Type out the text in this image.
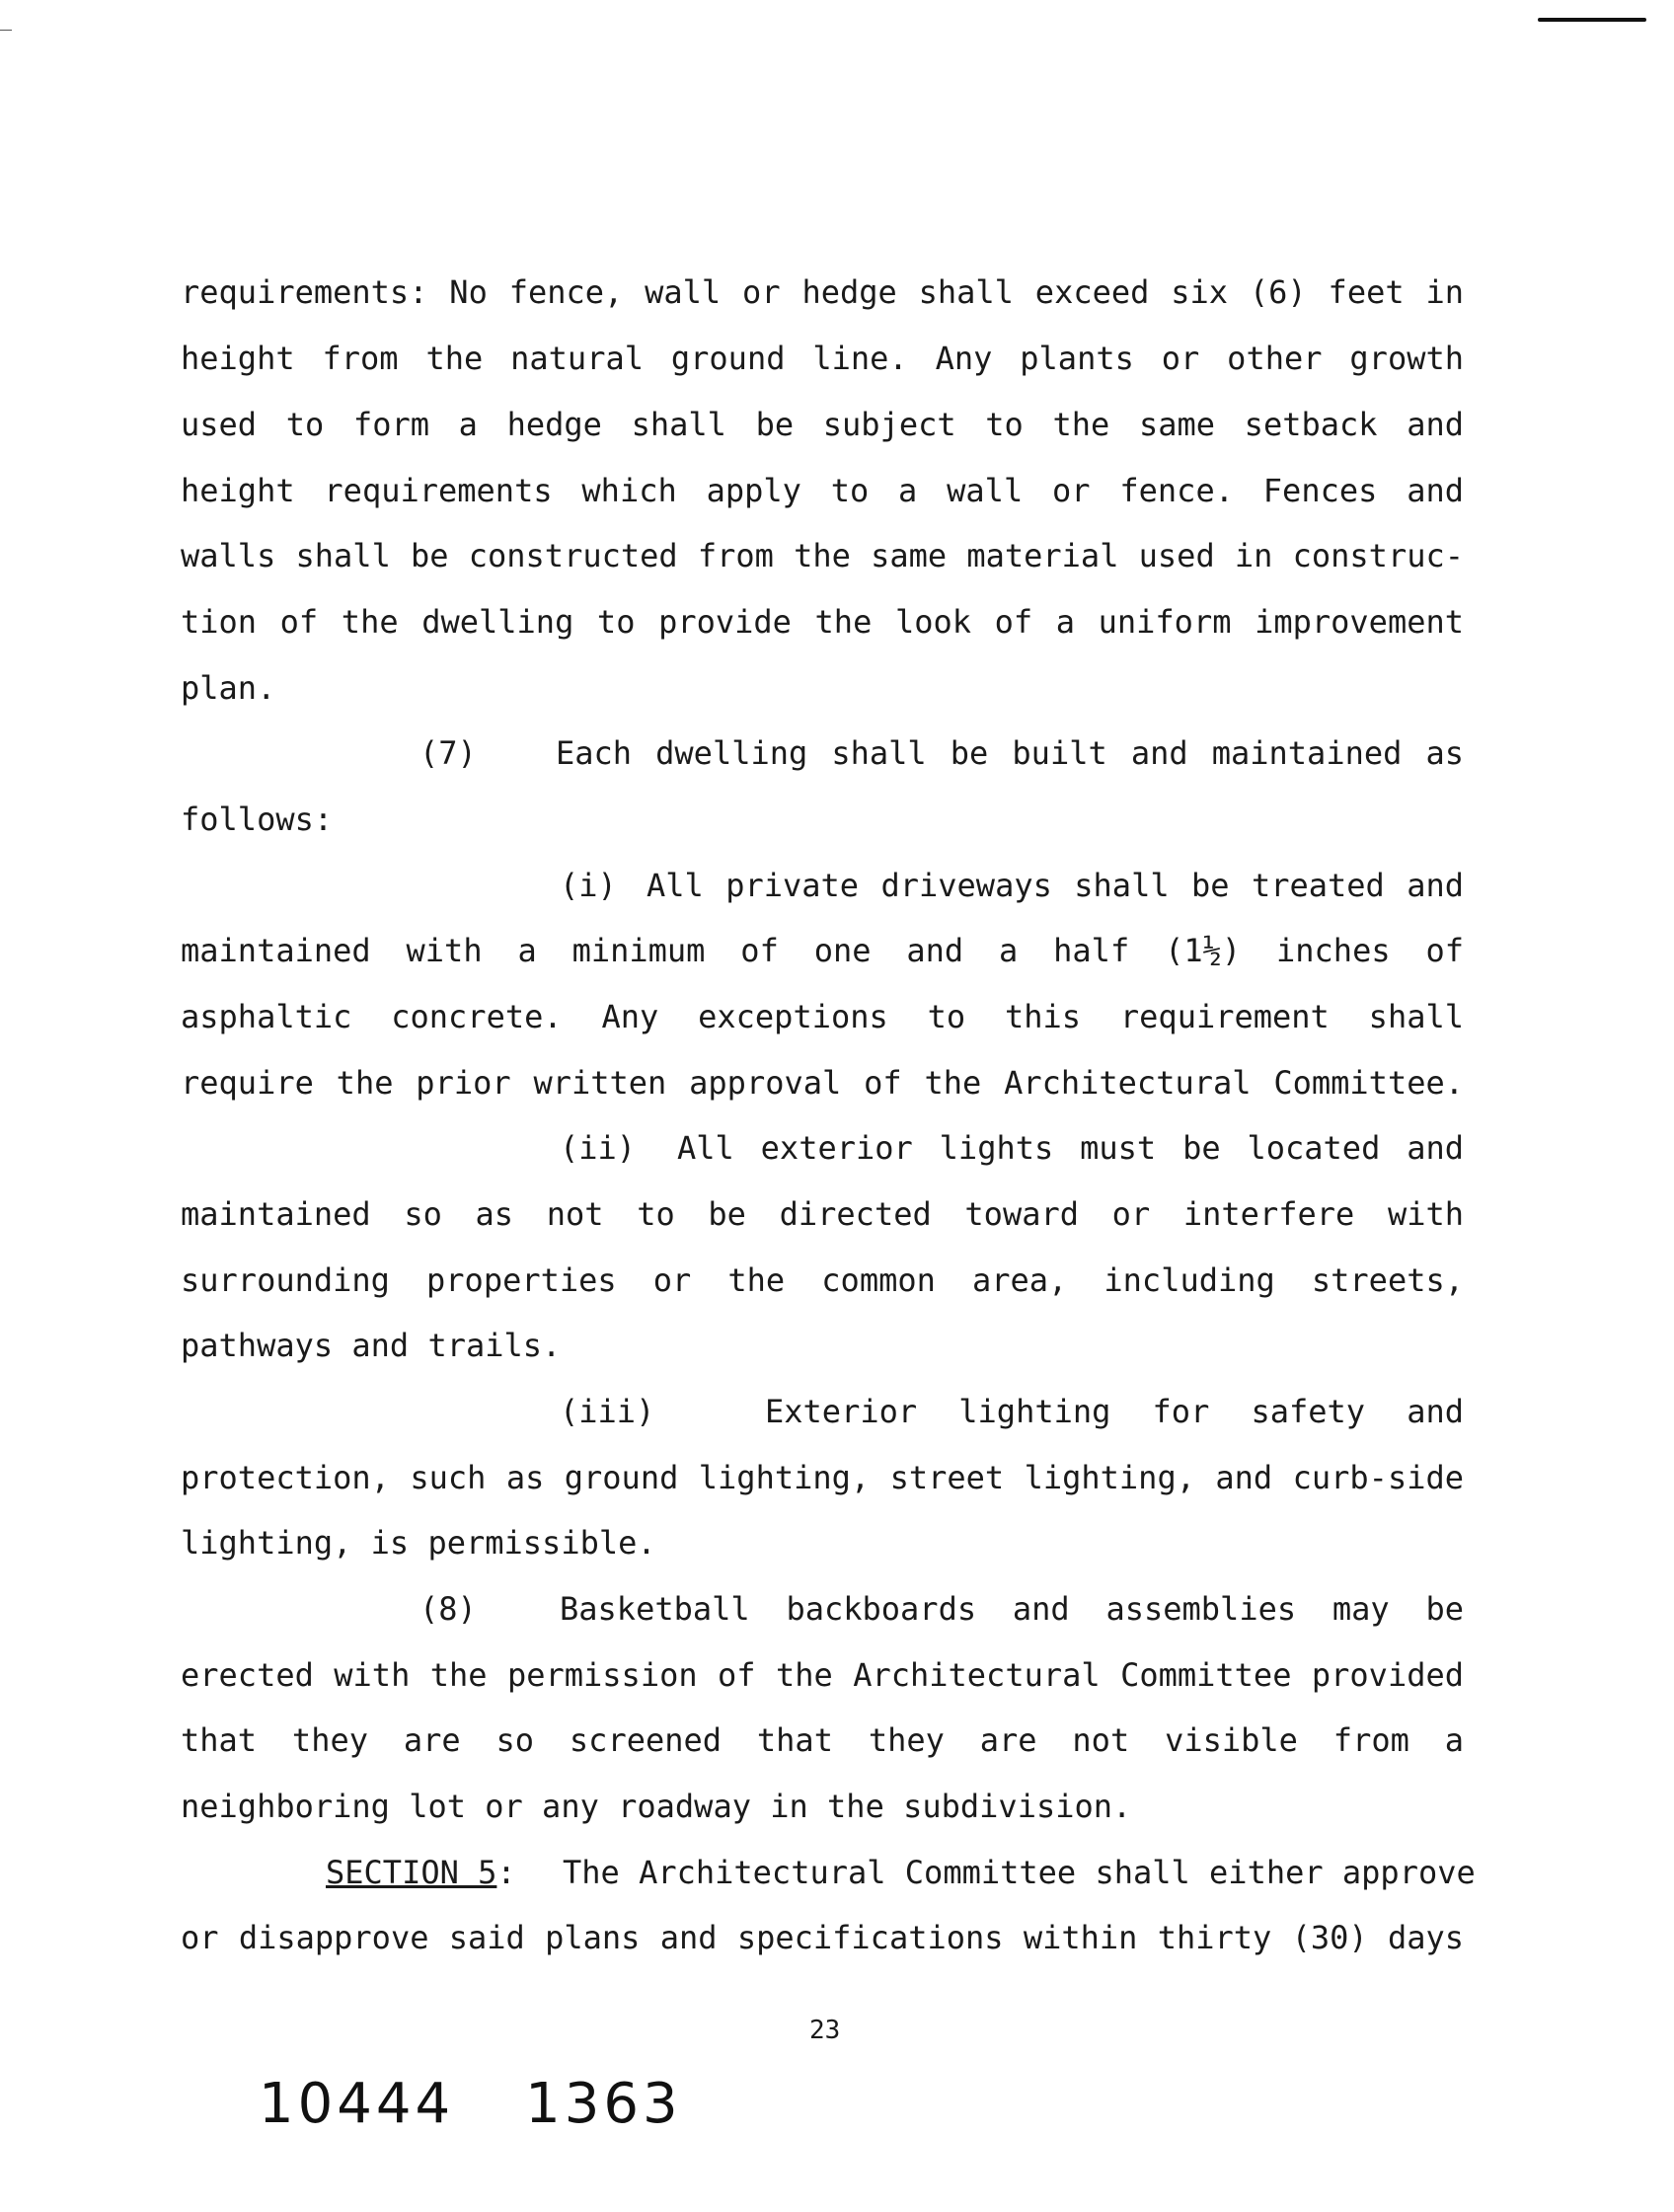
requirements: No fence, wall or hedge shall exceed six (6) feet in
height from the natural ground line. Any plants or other growth
used to form a hedge shall be subject to the same setback and
height requirements which apply to a wall or fence. Fences and
walls shall be constructed from the same material used in construc-
tion of the dwelling to provide the look of a uniform improvement
plan.
(7)	Each dwelling shall be built and maintained as
follows:
(i) All private driveways shall be treated and
maintained with a minimum of one and a half (1½) inches of
asphaltic concrete. Any exceptions to this requirement shall
require the prior written approval of the Architectural Committee.
(ii) All exterior lights must be located and
maintained so as not to be directed toward or interfere with
surrounding properties or the common area, including streets,
pathways and trails.
(iii)	Exterior lighting for safety and
protection, such as ground lighting, street lighting, and curb-side
lighting, is permissible.
(8)	Basketball backboards and assemblies may be
erected with the permission of the Architectural Committee provided
that they are so screened that they are not visible from a
neighboring lot or any roadway in the subdivision.
SECTION 5: The Architectural Committee shall either approve
or disapprove said plans and specifications within thirty (30) days
23
10444 1363
